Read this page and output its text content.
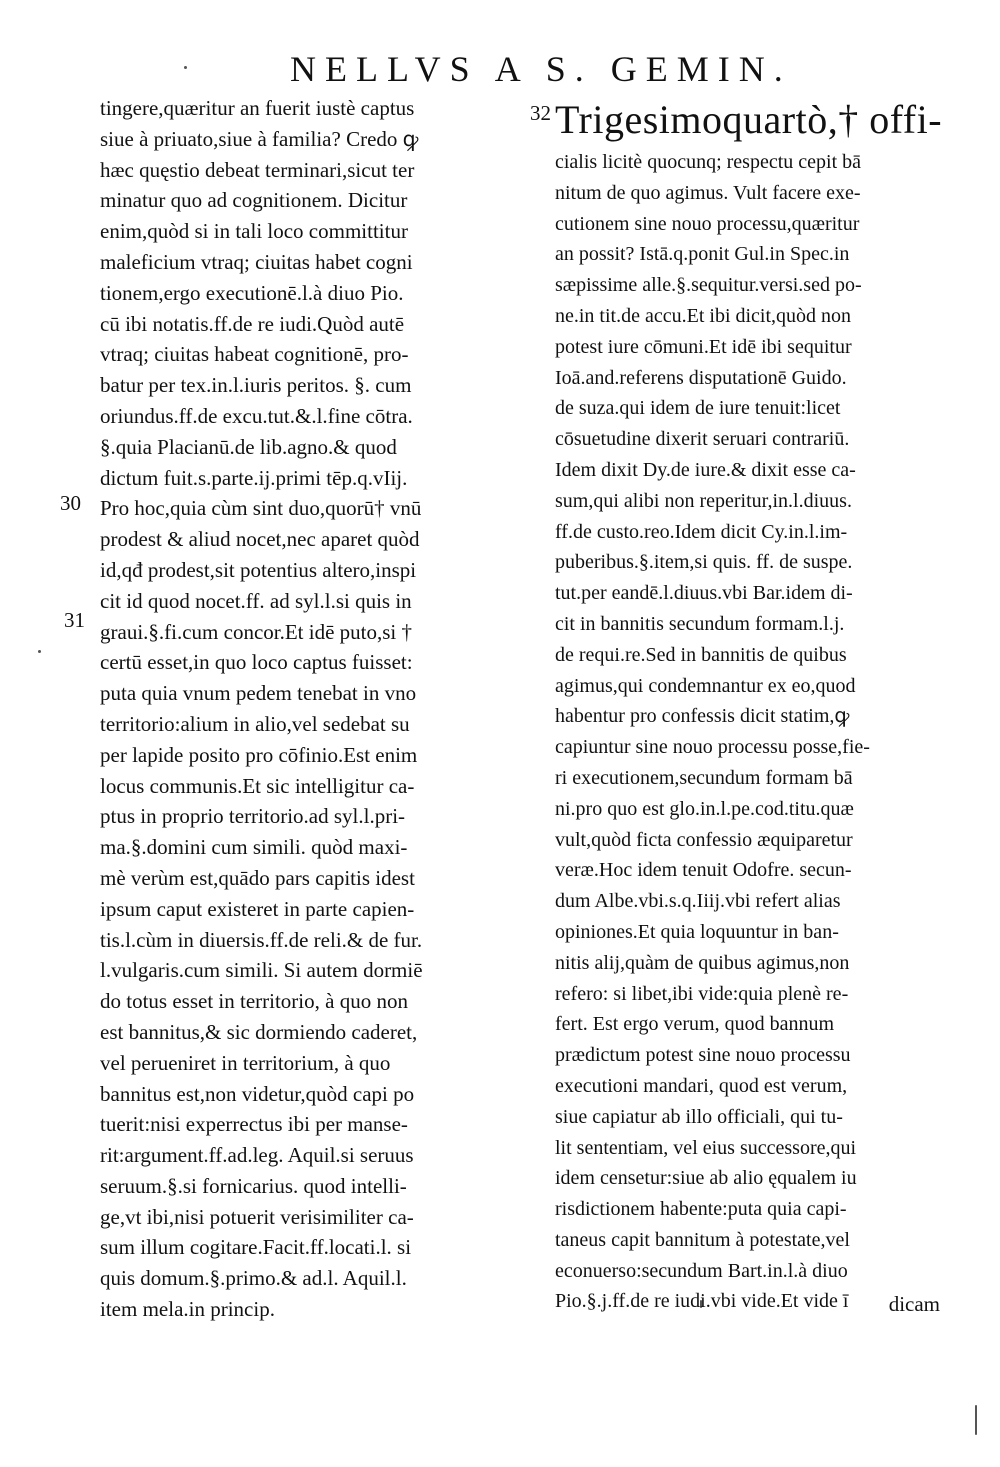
NELLVS A S. GEMIN.
30
31
32
tingere,quæritur an fuerit iustè captus
siue à priuato,siue à familia? Credo ꝙ
hæc quęstio debeat terminari,sicut ter
minatur quo ad cognitionem. Dicitur
enim,quòd si in tali loco committitur
maleficium vtraq; ciuitas habet cogni
tionem,ergo executionē.l.à diuo Pio.
cū ibi notatis.ff.de re iudi.Quòd autē
vtraq; ciuitas habeat cognitionē, pro-
batur per tex.in.l.iuris peritos. §. cum
oriundus.ff.de excu.tut.&.l.fine cōtra.
§.quia Placianū.de lib.agno.& quod
dictum fuit.s.parte.ij.primi tēp.q.vIij.
Pro hoc,quia cùm sint duo,quorū† vnū
prodest & aliud nocet,nec aparet quòd
id,qđ prodest,sit potentius altero,inspi
cit id quod nocet.ff. ad syl.l.si quis in
graui.§.fi.cum concor.Et idē puto,si †
certū esset,in quo loco captus fuisset:
puta quia vnum pedem tenebat in vno
territorio:alium in alio,vel sedebat su
per lapide posito pro cōfinio.Est enim
locus communis.Et sic intelligitur ca-
ptus in proprio territorio.ad syl.l.pri-
ma.§.domini cum simili. quòd maxi-
mè verùm est,quādo pars capitis idest
ipsum caput existeret in parte capien-
tis.l.cùm in diuersis.ff.de reli.& de fur.
l.vulgaris.cum simili. Si autem dormiē
do totus esset in territorio, à quo non
est bannitus,& sic dormiendo caderet,
vel perueniret in territorium, à quo
bannitus est,non videtur,quòd capi po
tuerit:nisi experrectus ibi per mansе-
rit:argument.ff.ad.leg. Aquil.si seruus
seruum.§.si fornicarius. quod intelli-
ge,vt ibi,nisi potuerit verisimiliter ca-
sum illum cogitare.Facit.ff.locati.l. si
quis domum.§.primo.& ad.l. Aquil.l.
item mela.in princip.
Trigesimoquartò,† offi-
cialis licitè quocunq; respectu cepit bā
nitum de quo agimus. Vult facere exe-
cutionem sine nouo processu,quæritur
an possit? Istā.q.ponit Gul.in Spec.in
sæpissime alle.§.sequitur.versi.sed po-
ne.in tit.de accu.Et ibi dicit,quòd non
potest iure cōmuni.Et idē ibi sequitur
Ioā.and.referens disputationē Guido.
de suza.qui idem de iure tenuit:licet
cōsuetudine dixerit seruari contrariū.
Idem dixit Dy.de iure.& dixit esse ca-
sum,qui alibi non reperitur,in.l.diuus.
ff.de custo.reo.Idem dicit Cy.in.l.im-
puberibus.§.item,si quis. ff. de suspe.
tut.per eandē.l.diuus.vbi Bar.idem di-
cit in bannitis secundum formam.l.j.
de requi.re.Sed in bannitis de quibus
agimus,qui condemnantur ex eo,quod
habentur pro confessis dicit statim,ꝙ
capiuntur sine nouo processu posse,fie-
ri executionem,secundum formam bā
ni.pro quo est glo.in.l.pe.cod.titu.quæ
vult,quòd ficta confessio æquiparetur
veræ.Hoc idem tenuit Odofre. secun-
dum Albe.vbi.s.q.Iiij.vbi refert alias
opiniones.Et quia loquuntur in ban-
nitis alij,quàm de quibus agimus,non
refero: si libet,ibi vide:quia plenè re-
fert. Est ergo verum, quod bannum
prædictum potest sine nouo processu
executioni mandari, quod est verum,
siue capiatur ab illo officiali, qui tu-
lit sententiam, vel eius successore,qui
idem censetur:siue ab alio ęqualem iu
risdictionem habente:puta quia capi-
taneus capit bannitum à potestate,vel
econuerso:secundum Bart.in.l.à diuo
Pio.§.j.ff.de re iudi.vbi vide.Et vide ī	dicam
